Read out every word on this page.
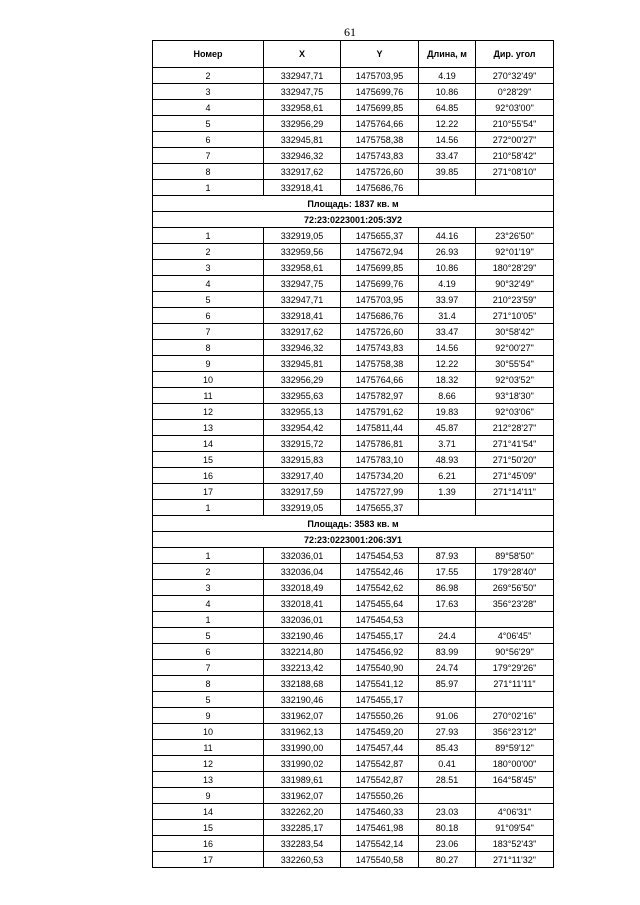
61
Номер	X	Y	Длина, м	Дир. угол
2	332947,71	1475703,95	4.19	270°32'49"
3	332947,75	1475699,76	10.86	0°28'29"
4	332958,61	1475699,85	64.85	92°03'00"
5	332956,29	1475764,66	12.22	210°55'54"
6	332945,81	1475758,38	14.56	272°00'27"
7	332946,32	1475743,83	33.47	210°58'42"
8	332917,62	1475726,60	39.85	271°08'10"
1	332918,41	1475686,76		
Площадь: 1837 кв. м				
72:23:0223001:205:ЗУ2				
1	332919,05	1475655,37	44.16	23°26'50"
2	332959,56	1475672,94	26.93	92°01'19"
3	332958,61	1475699,85	10.86	180°28'29"
4	332947,75	1475699,76	4.19	90°32'49"
5	332947,71	1475703,95	33.97	210°23'59"
6	332918,41	1475686,76	31.4	271°10'05"
7	332917,62	1475726,60	33.47	30°58'42"
8	332946,32	1475743,83	14.56	92°00'27"
9	332945,81	1475758,38	12.22	30°55'54"
10	332956,29	1475764,66	18.32	92°03'52"
11	332955,63	1475782,97	8.66	93°18'30"
12	332955,13	1475791,62	19.83	92°03'06"
13	332954,42	1475811,44	45.87	212°28'27"
14	332915,72	1475786,81	3.71	271°41'54"
15	332915,83	1475783,10	48.93	271°50'20"
16	332917,40	1475734,20	6.21	271°45'09"
17	332917,59	1475727,99	1.39	271°14'11"
1	332919,05	1475655,37		
Площадь: 3583 кв. м				
72:23:0223001:206:ЗУ1				
1	332036,01	1475454,53	87.93	89°58'50"
2	332036,04	1475542,46	17.55	179°28'40"
3	332018,49	1475542,62	86.98	269°56'50"
4	332018,41	1475455,64	17.63	356°23'28"
1	332036,01	1475454,53		
5	332190,46	1475455,17	24.4	4°06'45"
6	332214,80	1475456,92	83.99	90°56'29"
7	332213,42	1475540,90	24.74	179°29'26"
8	332188,68	1475541,12	85.97	271°11'11"
5	332190,46	1475455,17		
9	331962,07	1475550,26	91.06	270°02'16"
10	331962,13	1475459,20	27.93	356°23'12"
11	331990,00	1475457,44	85.43	89°59'12"
12	331990,02	1475542,87	0.41	180°00'00"
13	331989,61	1475542,87	28.51	164°58'45"
9	331962,07	1475550,26		
14	332262,20	1475460,33	23.03	4°06'31"
15	332285,17	1475461,98	80.18	91°09'54"
16	332283,54	1475542,14	23.06	183°52'43"
17	332260,53	1475540,58	80.27	271°11'32"
